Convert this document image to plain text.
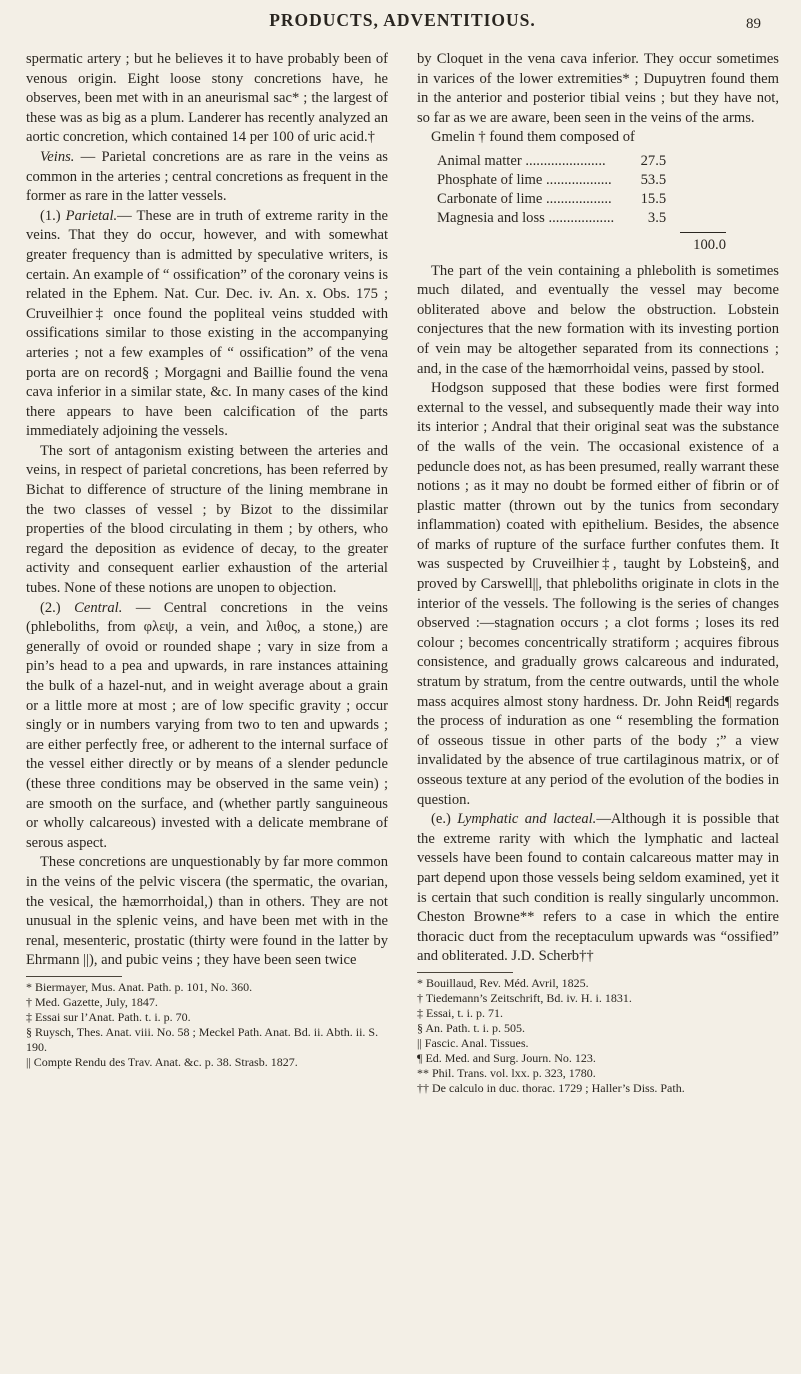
PRODUCTS, ADVENTITIOUS.	89

spermatic artery ; but he believes it to have probably been of venous origin. Eight loose stony concretions have, he observes, been met with in an aneurismal sac* ; the largest of these was as big as a plum. Landerer has recently analyzed an aortic concretion, which contained 14 per 100 of uric acid.†

Veins. — Parietal concretions are as rare in the veins as common in the arteries ; central concretions as frequent in the former as rare in the latter vessels.

(1.) Parietal.— These are in truth of extreme rarity in the veins. That they do occur, however, and with somewhat greater frequency than is admitted by speculative writers, is certain. An example of “ ossification” of the coronary veins is related in the Ephem. Nat. Cur. Dec. iv. An. x. Obs. 175 ; Cruveilhier‡ once found the popliteal veins studded with ossifications similar to those existing in the accompanying arteries ; not a few examples of “ ossification” of the vena porta are on record§ ; Morgagni and Baillie found the vena cava inferior in a similar state, &c. In many cases of the kind there appears to have been calcification of the parts immediately adjoining the vessels.

The sort of antagonism existing between the arteries and veins, in respect of parietal concretions, has been referred by Bichat to difference of structure of the lining membrane in the two classes of vessel ; by Bizot to the dissimilar properties of the blood circulating in them ; by others, who regard the deposition as evidence of decay, to the greater activity and consequent earlier exhaustion of the arterial tubes. None of these notions are unopen to objection.

(2.) Central. — Central concretions in the veins (phleboliths, from φλεψ, a vein, and λιθος, a stone,) are generally of ovoid or rounded shape ; vary in size from a pin’s head to a pea and upwards, in rare instances attaining the bulk of a hazel-nut, and in weight average about a grain or a little more at most ; are of low specific gravity ; occur singly or in numbers varying from two to ten and upwards ; are either perfectly free, or adherent to the internal surface of the vessel either directly or by means of a slender peduncle (these three conditions may be observed in the same vein) ; are smooth on the surface, and (whether partly sanguineous or wholly calcareous) invested with a delicate membrane of serous aspect.

These concretions are unquestionably by far more common in the veins of the pelvic viscera (the spermatic, the ovarian, the vesical, the hæmorrhoidal,) than in others. They are not unusual in the splenic veins, and have been met with in the renal, mesenteric, prostatic (thirty were found in the latter by Ehrmann ||), and pubic veins ; they have been seen twice

* Biermayer, Mus. Anat. Path. p. 101, No. 360.

† Med. Gazette, July, 1847.

‡ Essai sur l’Anat. Path. t. i. p. 70.

§ Ruysch, Thes. Anat. viii. No. 58 ; Meckel Path. Anat. Bd. ii. Abth. ii. S. 190.

|| Compte Rendu des Trav. Anat. &c. p. 38. Strasb. 1827.

by Cloquet in the vena cava inferior. They occur sometimes in varices of the lower extremities* ; Dupuytren found them in the anterior and posterior tibial veins ; but they have not, so far as we are aware, been seen in the veins of the arms.

Gmelin † found them composed of

Animal matter ......................	27.5
Phosphate of lime ..................	53.5
Carbonate of lime ..................	15.5
Magnesia and loss ..................	3.5
100.0

The part of the vein containing a phlebolith is sometimes much dilated, and eventually the vessel may become obliterated above and below the obstruction. Lobstein conjectures that the new formation with its investing portion of vein may be altogether separated from its connections ; and, in the case of the hæmorrhoidal veins, passed by stool.

Hodgson supposed that these bodies were first formed external to the vessel, and subsequently made their way into its interior ; Andral that their original seat was the substance of the walls of the vein. The occasional existence of a peduncle does not, as has been presumed, really warrant these notions ; as it may no doubt be formed either of fibrin or of plastic matter (thrown out by the tunics from secondary inflammation) coated with epithelium. Besides, the absence of marks of rupture of the surface further confutes them. It was suspected by Cruveilhier‡, taught by Lobstein§, and proved by Carswell||, that phleboliths originate in clots in the interior of the vessels. The following is the series of changes observed :—stagnation occurs ; a clot forms ; loses its red colour ; becomes concentrically stratiform ; acquires fibrous consistence, and gradually grows calcareous and indurated, stratum by stratum, from the centre outwards, until the whole mass acquires almost stony hardness. Dr. John Reid¶ regards the process of induration as one “ resembling the formation of osseous tissue in other parts of the body ;” a view invalidated by the absence of true cartilaginous matrix, or of osseous texture at any period of the evolution of the bodies in question.

(e.) Lymphatic and lacteal.—Although it is possible that the extreme rarity with which the lymphatic and lacteal vessels have been found to contain calcareous matter may in part depend upon those vessels being seldom examined, yet it is certain that such condition is really singularly uncommon. Cheston Browne** refers to a case in which the entire thoracic duct from the receptaculum upwards was “ossified” and obliterated. J.D. Scherb††

* Bouillaud, Rev. Méd. Avril, 1825.

† Tiedemann’s Zeitschrift, Bd. iv. H. i. 1831.

‡ Essai, t. i. p. 71.

§ An. Path. t. i. p. 505.

|| Fascic. Anal. Tissues.

¶ Ed. Med. and Surg. Journ. No. 123.

** Phil. Trans. vol. lxx. p. 323, 1780.

†† De calculo in duc. thorac. 1729 ; Haller’s Diss. Path.
